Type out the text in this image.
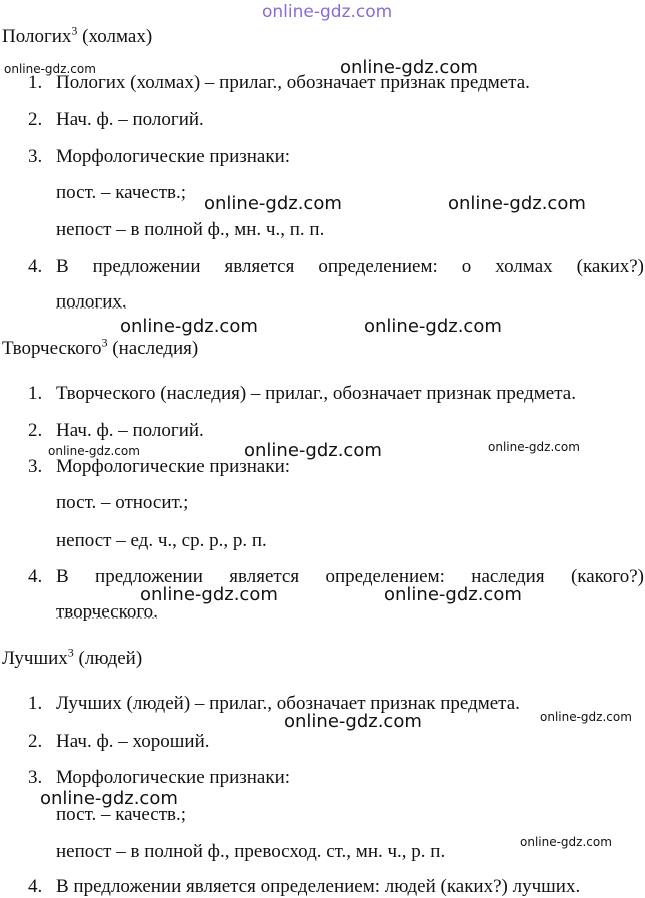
online-gdz.com
online-gdz.com	online-gdz.com
online-gdz.com	online-gdz.com
online-gdz.com	online-gdz.com
online-gdz.com	online-gdz.com
online-gdz.com
online-gdz.com	online-gdz.com
online-gdz.com	online-gdz.com
online-gdz.com
online-gdz.com
Пологих$^3$ (холмах)
1. Пологих (холмах) – прилаг., обозначает признак предмета.
2. Нач. ф. – пологий.
3. Морфологические признаки:
пост. – качеств.;
непост – в полной ф., мн. ч., п. п.
4. В предложении является определением: о холмах (каких?)
пологих.
Творческого$^3$ (наследия)
1. Творческого (наследия) – прилаг., обозначает признак предмета.
2. Нач. ф. – пологий.
3. Морфологические признаки:
пост. – относит.;
непост – ед. ч., ср. р., р. п.
4. В предложении является определением: наследия (какого?)
творческого.
Лучших$^3$ (людей)
1. Лучших (людей) – прилаг., обозначает признак предмета.
2. Нач. ф. – хороший.
3. Морфологические признаки:
пост. – качеств.;
непост – в полной ф., превосход. ст., мн. ч., р. п.
4. В предложении является определением: людей (каких?) лучших.
